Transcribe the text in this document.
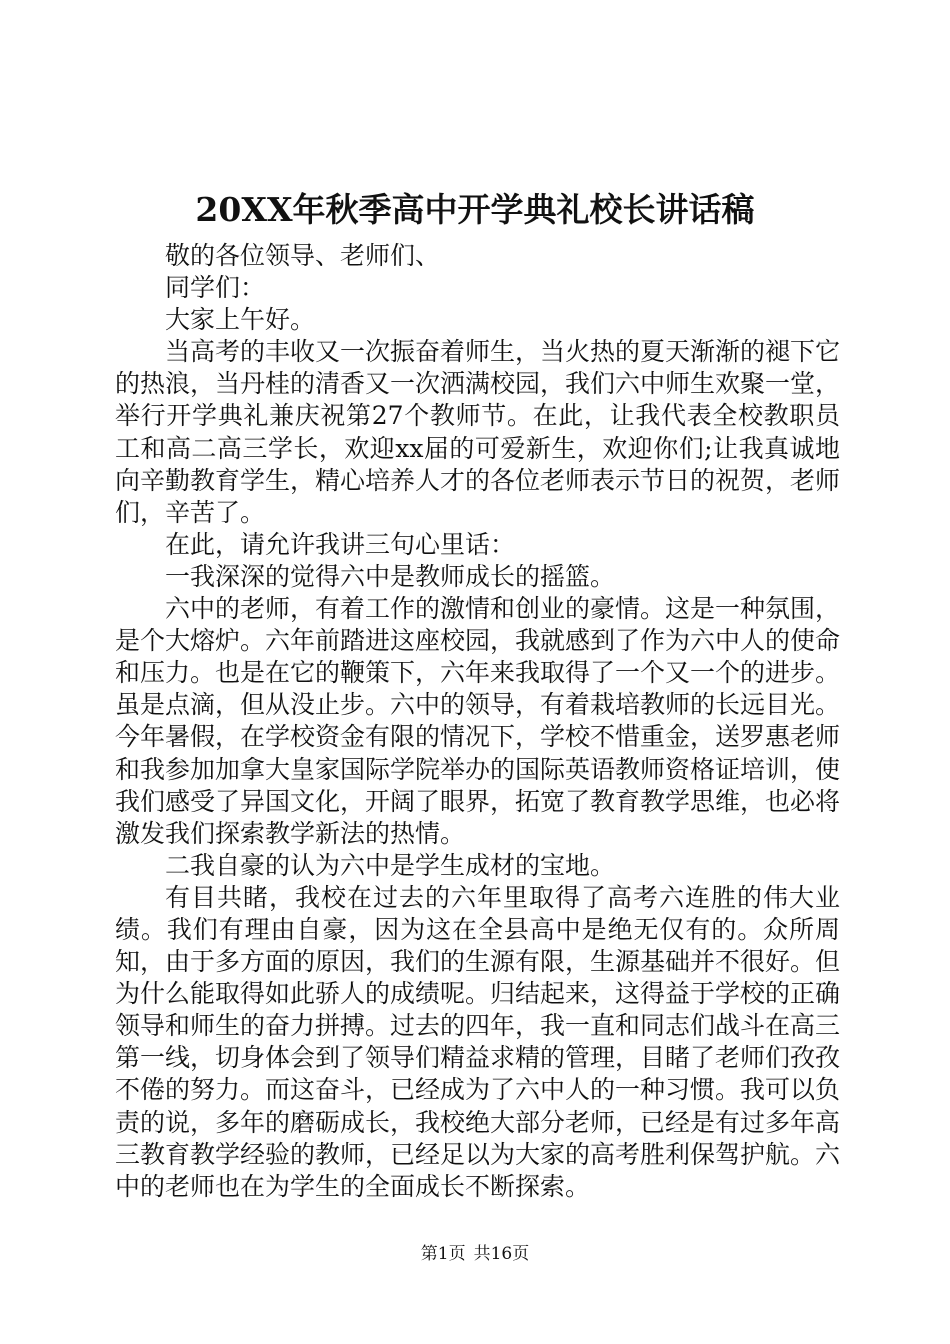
20XX年秋季高中开学典礼校长讲话稿

敬的各位领导、老师们、

同学们：

大家上午好。

当高考的丰收又一次振奋着师生，当火热的夏天渐渐的褪下它的热浪，当丹桂的清香又一次洒满校园，我们六中师生欢聚一堂，举行开学典礼兼庆祝第27个教师节。在此，让我代表全校教职员工和高二高三学长，欢迎xx届的可爱新生，欢迎你们;让我真诚地向辛勤教育学生，精心培养人才的各位老师表示节日的祝贺，老师们，辛苦了。

在此，请允许我讲三句心里话：

一我深深的觉得六中是教师成长的摇篮。

六中的老师，有着工作的激情和创业的豪情。这是一种氛围，是个大熔炉。六年前踏进这座校园，我就感到了作为六中人的使命和压力。也是在它的鞭策下，六年来我取得了一个又一个的进步。虽是点滴，但从没止步。六中的领导，有着栽培教师的长远目光。今年暑假，在学校资金有限的情况下，学校不惜重金，送罗惠老师和我参加加拿大皇家国际学院举办的国际英语教师资格证培训，使我们感受了异国文化，开阔了眼界，拓宽了教育教学思维，也必将激发我们探索教学新法的热情。

二我自豪的认为六中是学生成材的宝地。

有目共睹，我校在过去的六年里取得了高考六连胜的伟大业绩。我们有理由自豪，因为这在全县高中是绝无仅有的。众所周知，由于多方面的原因，我们的生源有限，生源基础并不很好。但为什么能取得如此骄人的成绩呢。归结起来，这得益于学校的正确领导和师生的奋力拼搏。过去的四年，我一直和同志们战斗在高三第一线，切身体会到了领导们精益求精的管理，目睹了老师们孜孜不倦的努力。而这奋斗，已经成为了六中人的一种习惯。我可以负责的说，多年的磨砺成长，我校绝大部分老师，已经是有过多年高三教育教学经验的教师，已经足以为大家的高考胜利保驾护航。六中的老师也在为学生的全面成长不断探索。

第1页 共16页
